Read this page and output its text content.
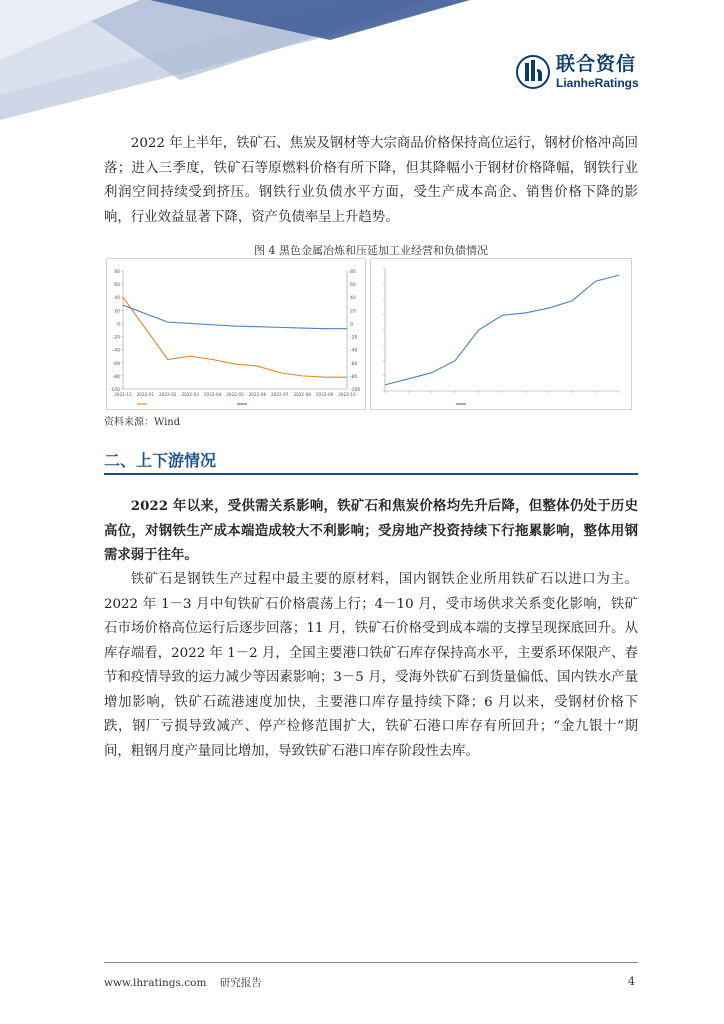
联合资信
LianheRatings

2022 年上半年，铁矿石、焦炭及钢材等大宗商品价格保持高位运行，钢材价格冲高回落；进入三季度，铁矿石等原燃料价格有所下降，但其降幅小于钢材价格降幅，钢铁行业利润空间持续受到挤压。钢铁行业负债水平方面，受生产成本高企、销售价格下降的影响，行业效益显著下降，资产负债率呈上升趋势。

图 4 黑色金属冶炼和压延加工业经营和负债情况
80
60
40
20
0
-20
-40
-60
-80
-100
80
60
40
20
0
-20
-40
-60
-80
-100
2021-12 2022-01 2022-02 2022-03 2022-04 2022-05 2022-06 2022-07 2022-08 2022-09 2022-10
资料来源：Wind
二、上下游情况

2022 年以来，受供需关系影响，铁矿石和焦炭价格均先升后降，但整体仍处于历史高位，对钢铁生产成本端造成较大不利影响；受房地产投资持续下行拖累影响，整体用钢需求弱于往年。

铁矿石是钢铁生产过程中最主要的原材料，国内钢铁企业所用铁矿石以进口为主。2022 年 1－3 月中旬铁矿石价格震荡上行；4－10 月，受市场供求关系变化影响，铁矿石市场价格高位运行后逐步回落；11 月，铁矿石价格受到成本端的支撑呈现探底回升。从库存端看，2022 年 1－2 月，全国主要港口铁矿石库存保持高水平，主要系环保限产、春节和疫情导致的运力减少等因素影响；3－5 月，受海外铁矿石到货量偏低、国内铁水产量增加影响，铁矿石疏港速度加快，主要港口库存量持续下降；6 月以来，受钢材价格下跌，钢厂亏损导致减产、停产检修范围扩大，铁矿石港口库存有所回升；“金九银十”期间，粗钢月度产量同比增加，导致铁矿石港口库存阶段性去库。

www.lhratings.com 研究报告	4
